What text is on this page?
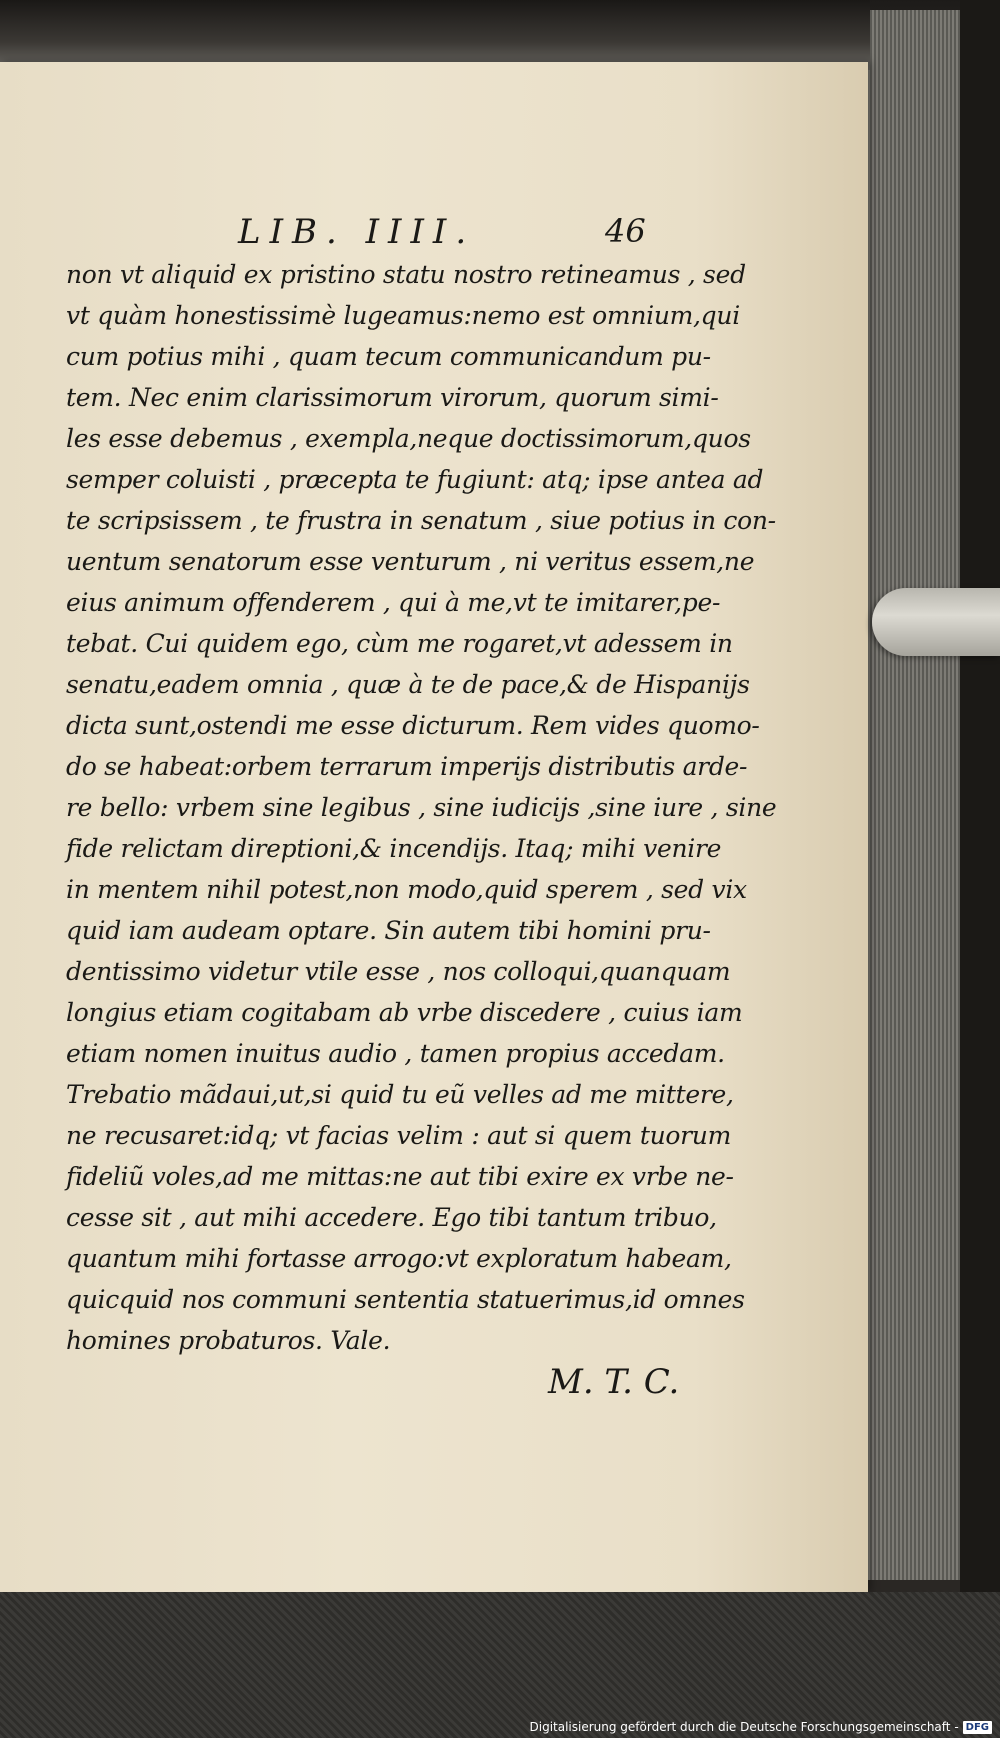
LIB. IIII.	46
non vt aliquid ex pristino statu nostro retineamus , sed
vt quàm honestissimè lugeamus:nemo est omnium,qui
cum potius mihi , quam tecum communicandum pu-
tem. Nec enim clarissimorum virorum, quorum simi-
les esse debemus , exempla,neque doctissimorum,quos
semper coluisti , præcepta te fugiunt: atq; ipse antea ad
te scripsissem , te frustra in senatum , siue potius in con-
uentum senatorum esse venturum , ni veritus essem,ne
eius animum offenderem , qui à me,vt te imitarer,pe-
tebat. Cui quidem ego, cùm me rogaret,vt adessem in
senatu,eadem omnia , quæ à te de pace,& de Hispanijs
dicta sunt,ostendi me esse dicturum. Rem vides quomo-
do se habeat:orbem terrarum imperijs distributis arde-
re bello: vrbem sine legibus , sine iudicijs ,sine iure , sine
fide relictam direptioni,& incendijs. Itaq; mihi venire
in mentem nihil potest,non modo,quid sperem , sed vix
quid iam audeam optare. Sin autem tibi homini pru-
dentissimo videtur vtile esse , nos colloqui,quanquam
longius etiam cogitabam ab vrbe discedere , cuius iam
etiam nomen inuitus audio , tamen propius accedam.
Trebatio mãdaui,ut,si quid tu eũ velles ad me mittere,
ne recusaret:idq; vt facias velim : aut si quem tuorum
fideliũ voles,ad me mittas:ne aut tibi exire ex vrbe ne-
cesse sit , aut mihi accedere. Ego tibi tantum tribuo,
quantum mihi fortasse arrogo:vt exploratum habeam,
quicquid nos communi sententia statuerimus,id omnes
homines probaturos. Vale.
M. T. C.
Digitalisierung gefördert durch die Deutsche Forschungsgemeinschaft - DFG
